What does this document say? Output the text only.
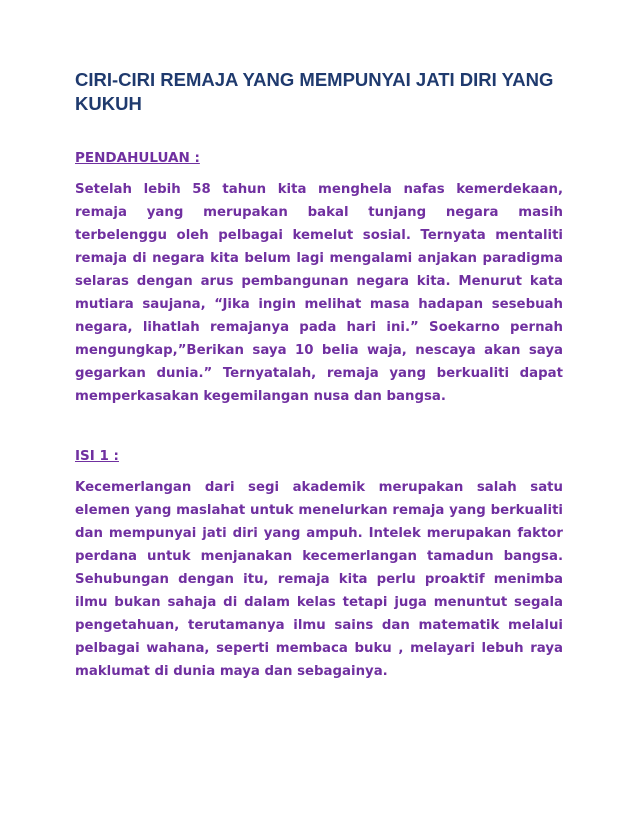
CIRI-CIRI REMAJA YANG MEMPUNYAI JATI DIRI YANG KUKUH
PENDAHULUAN :

Setelah lebih 58 tahun kita menghela nafas kemerdekaan, remaja yang merupakan bakal tunjang negara masih terbelenggu oleh pelbagai kemelut sosial. Ternyata mentaliti remaja di negara kita belum lagi mengalami anjakan paradigma selaras dengan arus pembangunan negara kita. Menurut kata mutiara saujana, “Jika ingin melihat masa hadapan sesebuah negara, lihatlah remajanya pada hari ini.” Soekarno pernah mengungkap,”Berikan saya 10 belia waja, nescaya akan saya gegarkan dunia.” Ternyatalah, remaja yang berkualiti dapat memperkasakan kegemilangan nusa dan bangsa.

ISI 1 :

Kecemerlangan dari segi akademik merupakan salah satu elemen yang maslahat untuk menelurkan remaja yang berkualiti dan mempunyai jati diri yang ampuh. Intelek merupakan faktor perdana untuk menjanakan kecemerlangan tamadun bangsa. Sehubungan dengan itu, remaja kita perlu proaktif menimba ilmu bukan sahaja di dalam kelas tetapi juga menuntut segala pengetahuan, terutamanya ilmu sains dan matematik melalui pelbagai wahana, seperti membaca buku , melayari lebuh raya maklumat di dunia maya dan sebagainya.
